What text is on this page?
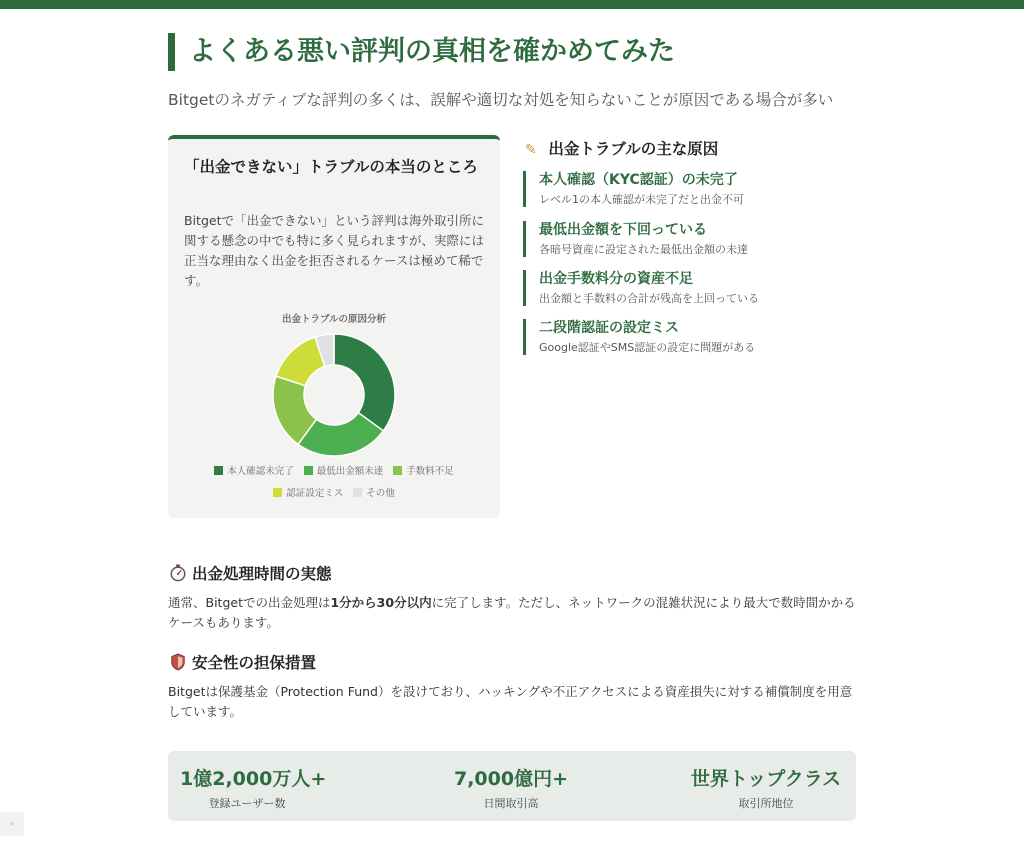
よくある悪い評判の真相を確かめてみた

Bitgetのネガティブな評判の多くは、誤解や適切な対処を知らないことが原因である場合が多い

「出金できない」トラブルの本当のところ

Bitgetで「出金できない」という評判は海外取引所に関する懸念の中でも特に多く見られますが、実際には正当な理由なく出金を拒否されるケースは極めて稀です。

出金トラブルの原因分析
本人確認未完了 最低出金額未達 手数料不足
認証設定ミス その他
✎ 出金トラブルの主な原因
本人確認（KYC認証）の未完了
レベル1の本人確認が未完了だと出金不可
最低出金額を下回っている
各暗号資産に設定された最低出金額の未達
出金手数料分の資産不足
出金額と手数料の合計が残高を上回っている
二段階認証の設定ミス
Google認証やSMS認証の設定に問題がある
出金処理時間の実態

通常、Bitgetでの出金処理は1分から30分以内に完了します。ただし、ネットワークの混雑状況により最大で数時間かかるケースもあります。

安全性の担保措置

Bitgetは保護基金（Protection Fund）を設けており、ハッキングや不正アクセスによる資産損失に対する補償制度を用意しています。

1億2,000万人+
登録ユーザー数
7,000億円+
日間取引高
世界トップクラス
取引所地位
«
